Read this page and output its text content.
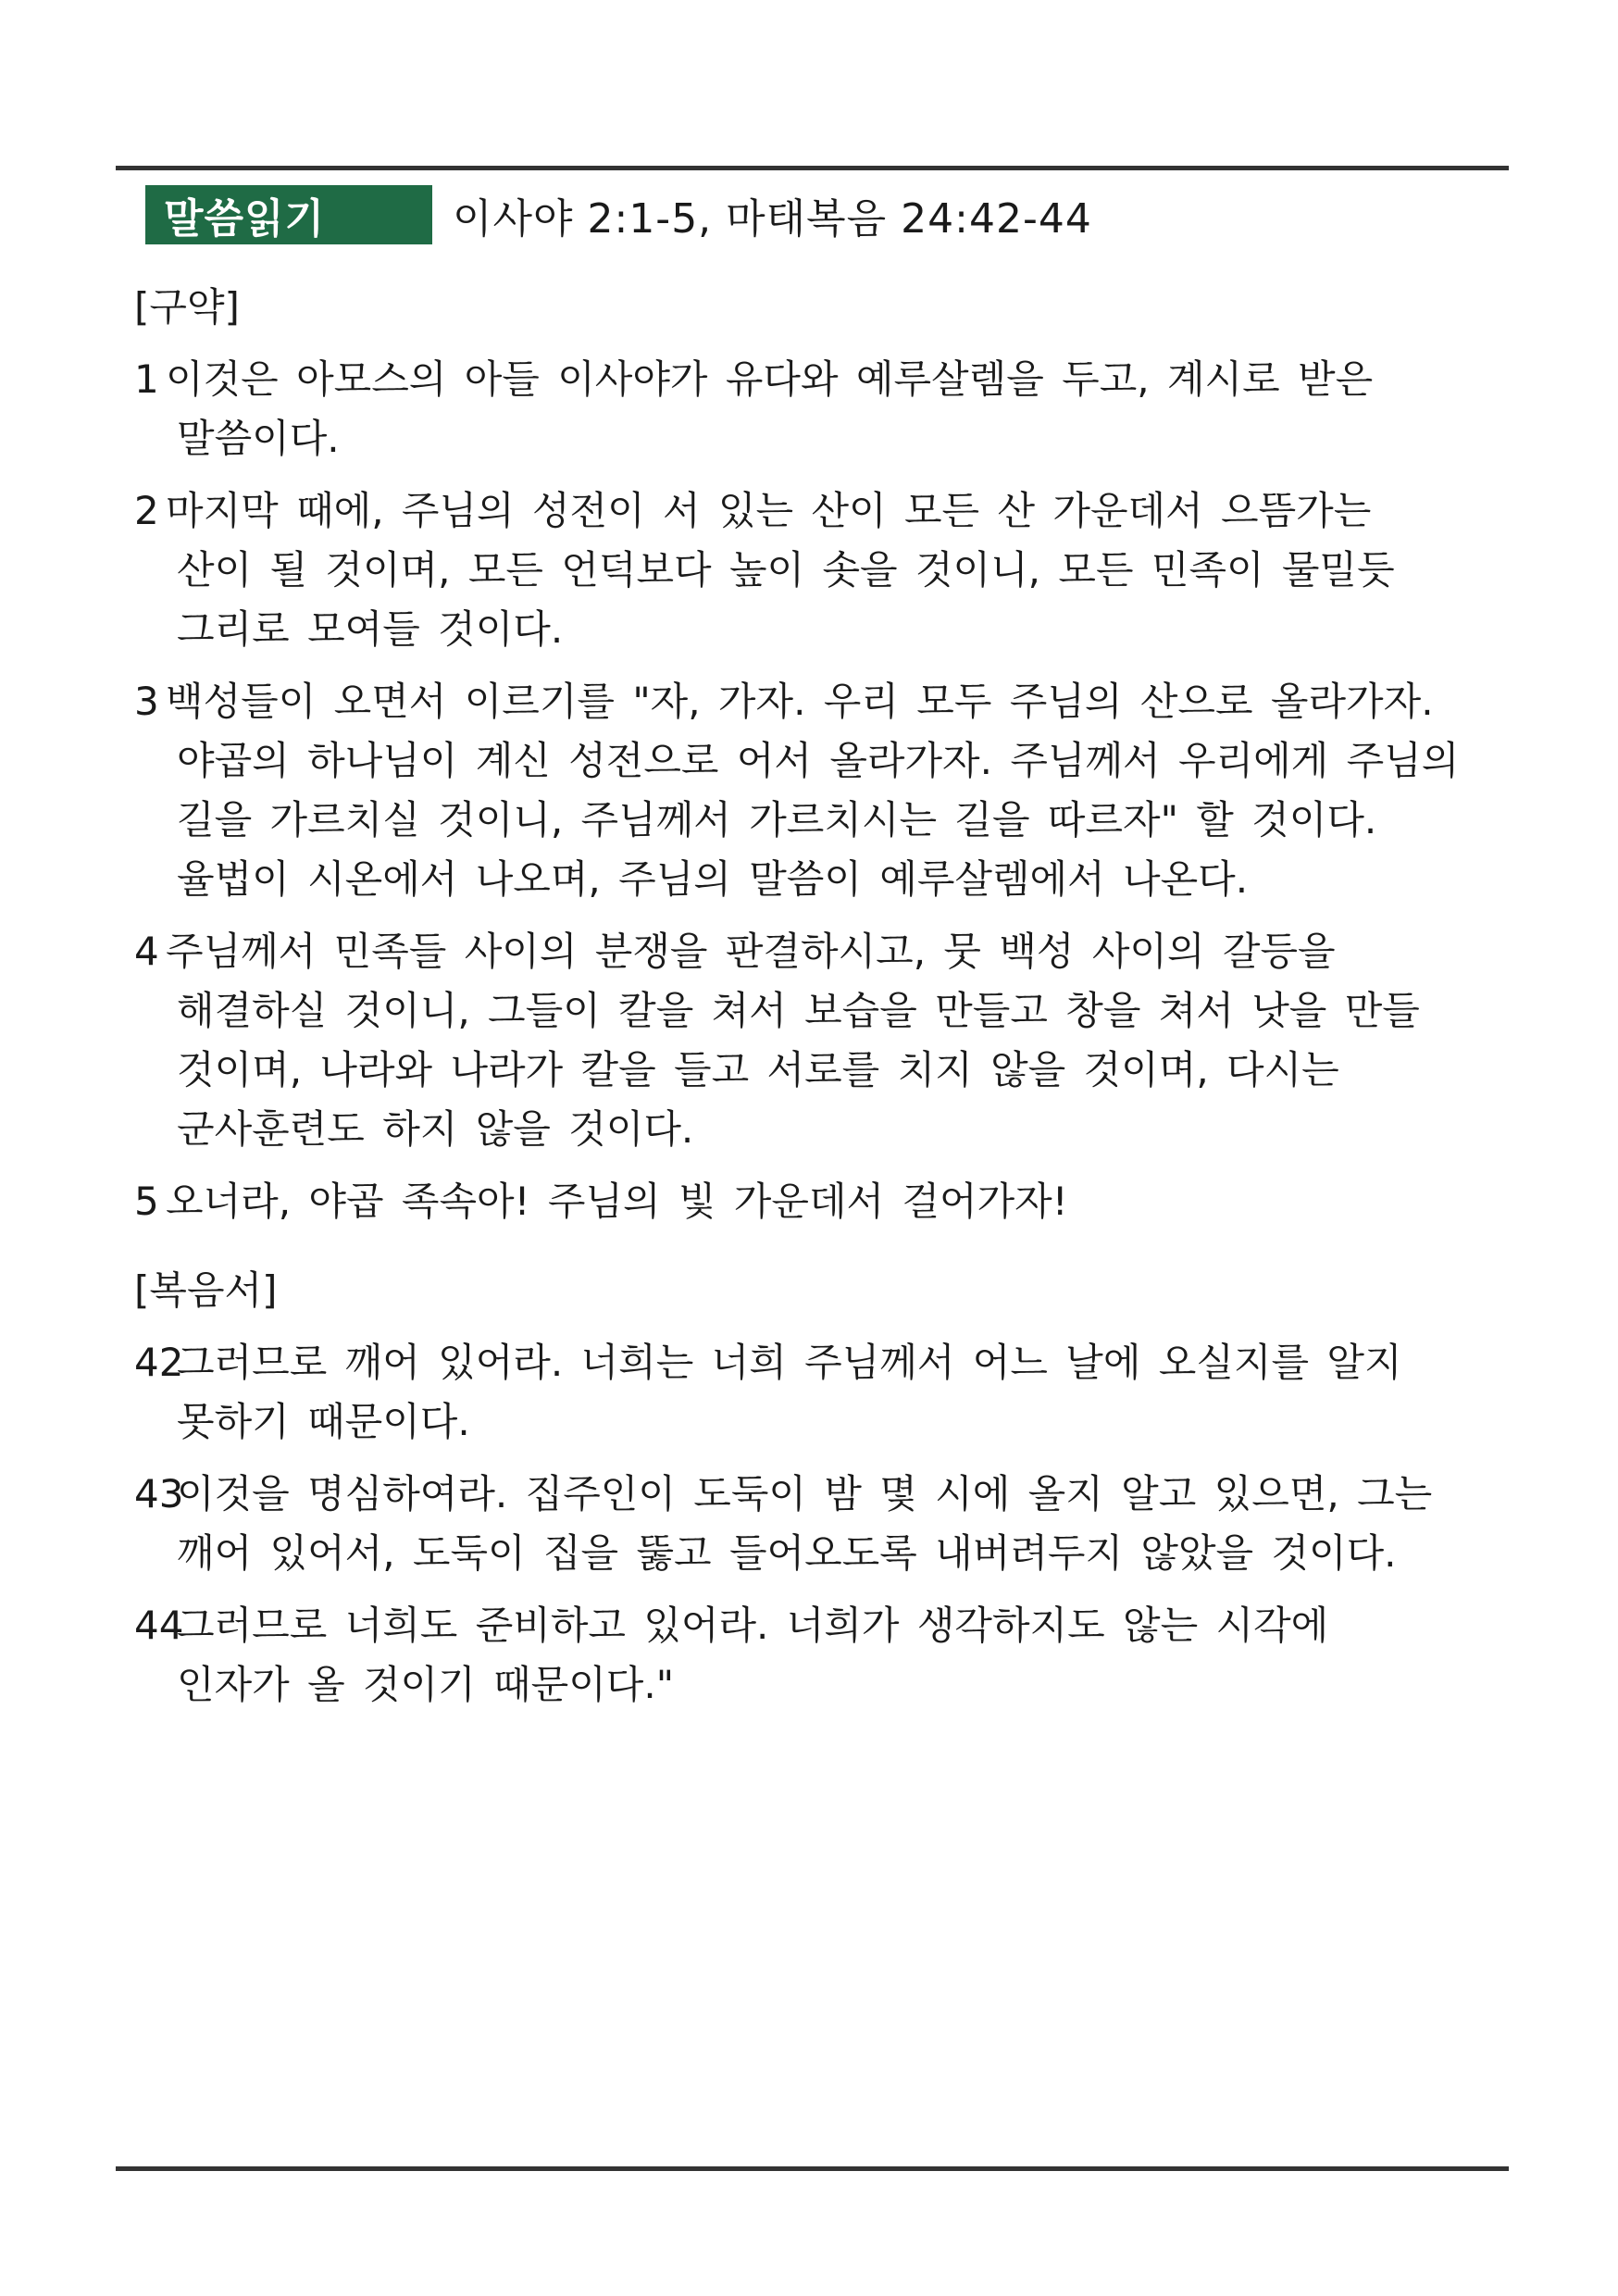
말씀읽기	이사야 2:1-5, 마태복음 24:42-44
[구약]
1 이것은 아모스의 아들 이사야가 유다와 예루살렘을 두고, 계시로 받은
말씀이다.
2 마지막 때에, 주님의 성전이 서 있는 산이 모든 산 가운데서 으뜸가는
산이 될 것이며, 모든 언덕보다 높이 솟을 것이니, 모든 민족이 물밀듯
그리로 모여들 것이다.
3 백성들이 오면서 이르기를 "자, 가자. 우리 모두 주님의 산으로 올라가자.
야곱의 하나님이 계신 성전으로 어서 올라가자. 주님께서 우리에게 주님의
길을 가르치실 것이니, 주님께서 가르치시는 길을 따르자" 할 것이다.
율법이 시온에서 나오며, 주님의 말씀이 예루살렘에서 나온다.
4 주님께서 민족들 사이의 분쟁을 판결하시고, 뭇 백성 사이의 갈등을
해결하실 것이니, 그들이 칼을 쳐서 보습을 만들고 창을 쳐서 낫을 만들
것이며, 나라와 나라가 칼을 들고 서로를 치지 않을 것이며, 다시는
군사훈련도 하지 않을 것이다.
5 오너라, 야곱 족속아! 주님의 빛 가운데서 걸어가자!
[복음서]
42
그러므로 깨어 있어라. 너희는 너희 주님께서 어느 날에 오실지를 알지
못하기 때문이다.
43
이것을 명심하여라. 집주인이 도둑이 밤 몇 시에 올지 알고 있으면, 그는
깨어 있어서, 도둑이 집을 뚫고 들어오도록 내버려두지 않았을 것이다.
44
그러므로 너희도 준비하고 있어라. 너희가 생각하지도 않는 시각에
인자가 올 것이기 때문이다."
